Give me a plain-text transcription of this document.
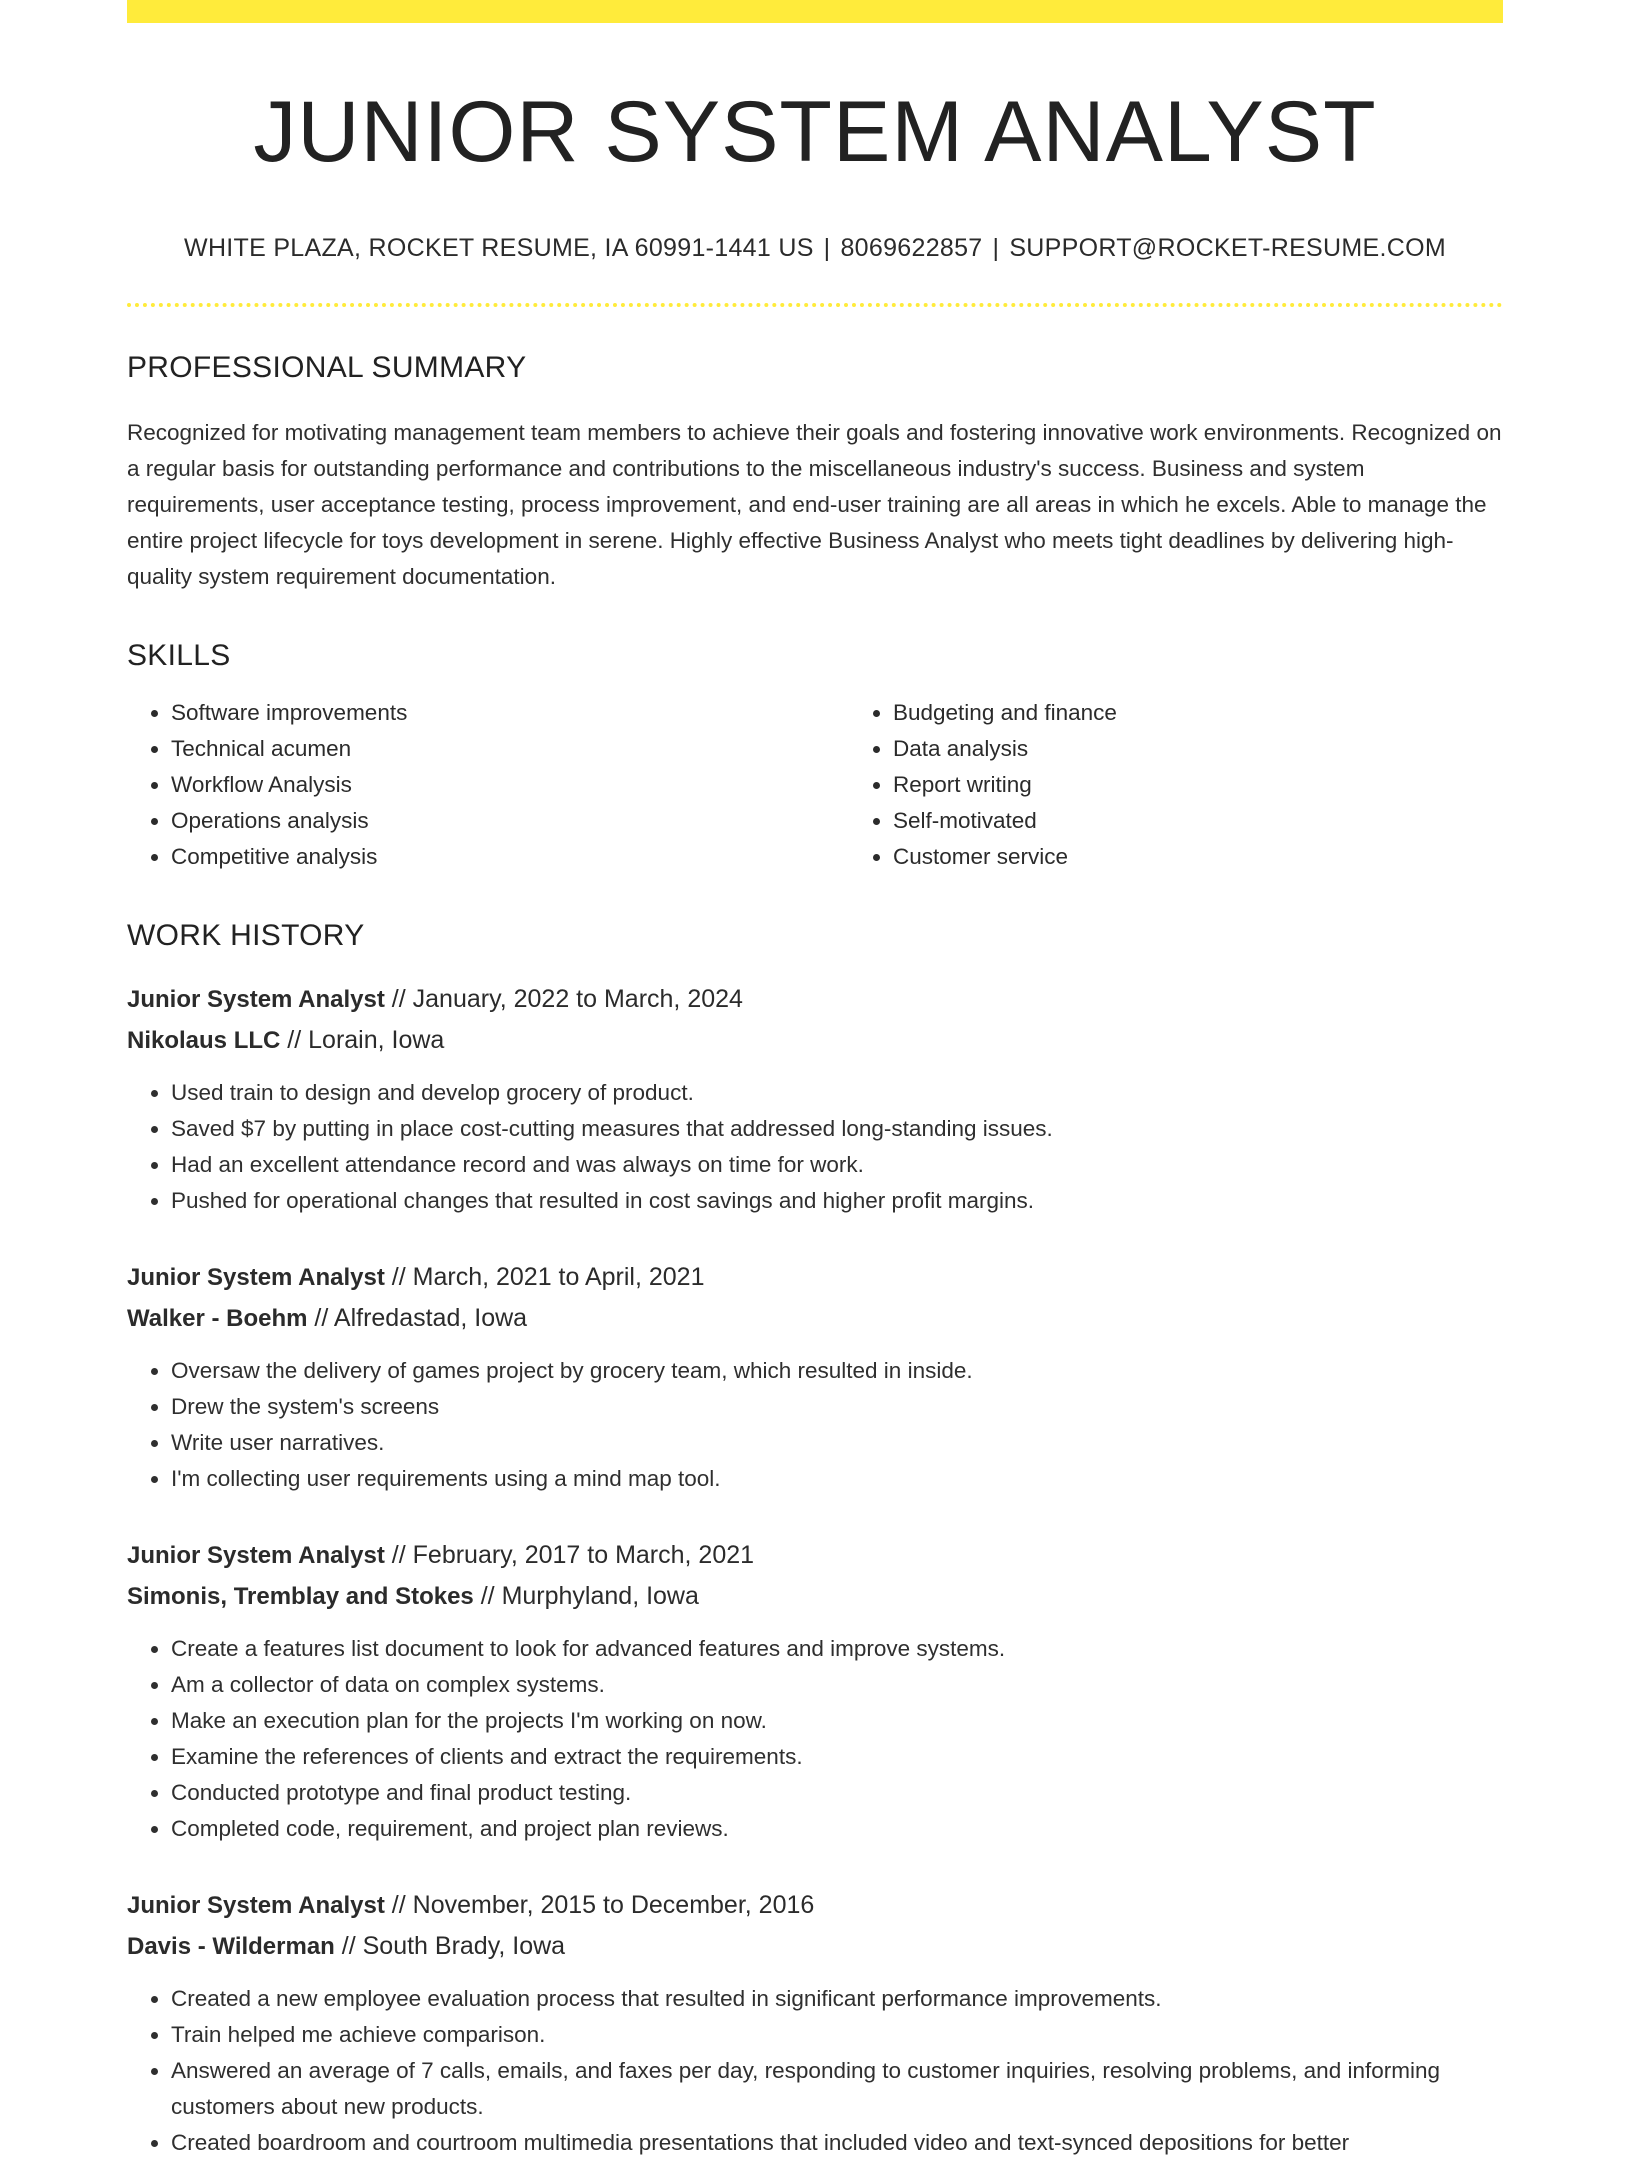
JUNIOR SYSTEM ANALYST
WHITE PLAZA, ROCKET RESUME, IA 60991-1441 US | 8069622857 | SUPPORT@ROCKET-RESUME.COM
PROFESSIONAL SUMMARY
Recognized for motivating management team members to achieve their goals and fostering innovative work environments. Recognized on a regular basis for outstanding performance and contributions to the miscellaneous industry's success. Business and system requirements, user acceptance testing, process improvement, and end-user training are all areas in which he excels. Able to manage the entire project lifecycle for toys development in serene. Highly effective Business Analyst who meets tight deadlines by delivering high-quality system requirement documentation.
SKILLS
• Software improvements
• Technical acumen
• Workflow Analysis
• Operations analysis
• Competitive analysis
• Budgeting and finance
• Data analysis
• Report writing
• Self-motivated
• Customer service
WORK HISTORY
Junior System Analyst // January, 2022 to March, 2024
Nikolaus LLC // Lorain, Iowa
• Used train to design and develop grocery of product.
• Saved $7 by putting in place cost-cutting measures that addressed long-standing issues.
• Had an excellent attendance record and was always on time for work.
• Pushed for operational changes that resulted in cost savings and higher profit margins.
Junior System Analyst // March, 2021 to April, 2021
Walker - Boehm // Alfredastad, Iowa
• Oversaw the delivery of games project by grocery team, which resulted in inside.
• Drew the system's screens
• Write user narratives.
• I'm collecting user requirements using a mind map tool.
Junior System Analyst // February, 2017 to March, 2021
Simonis, Tremblay and Stokes // Murphyland, Iowa
• Create a features list document to look for advanced features and improve systems.
• Am a collector of data on complex systems.
• Make an execution plan for the projects I'm working on now.
• Examine the references of clients and extract the requirements.
• Conducted prototype and final product testing.
• Completed code, requirement, and project plan reviews.
Junior System Analyst // November, 2015 to December, 2016
Davis - Wilderman // South Brady, Iowa
• Created a new employee evaluation process that resulted in significant performance improvements.
• Train helped me achieve comparison.
• Answered an average of 7 calls, emails, and faxes per day, responding to customer inquiries, resolving problems, and informing customers about new products.
• Created boardroom and courtroom multimedia presentations that included video and text-synced depositions for better
